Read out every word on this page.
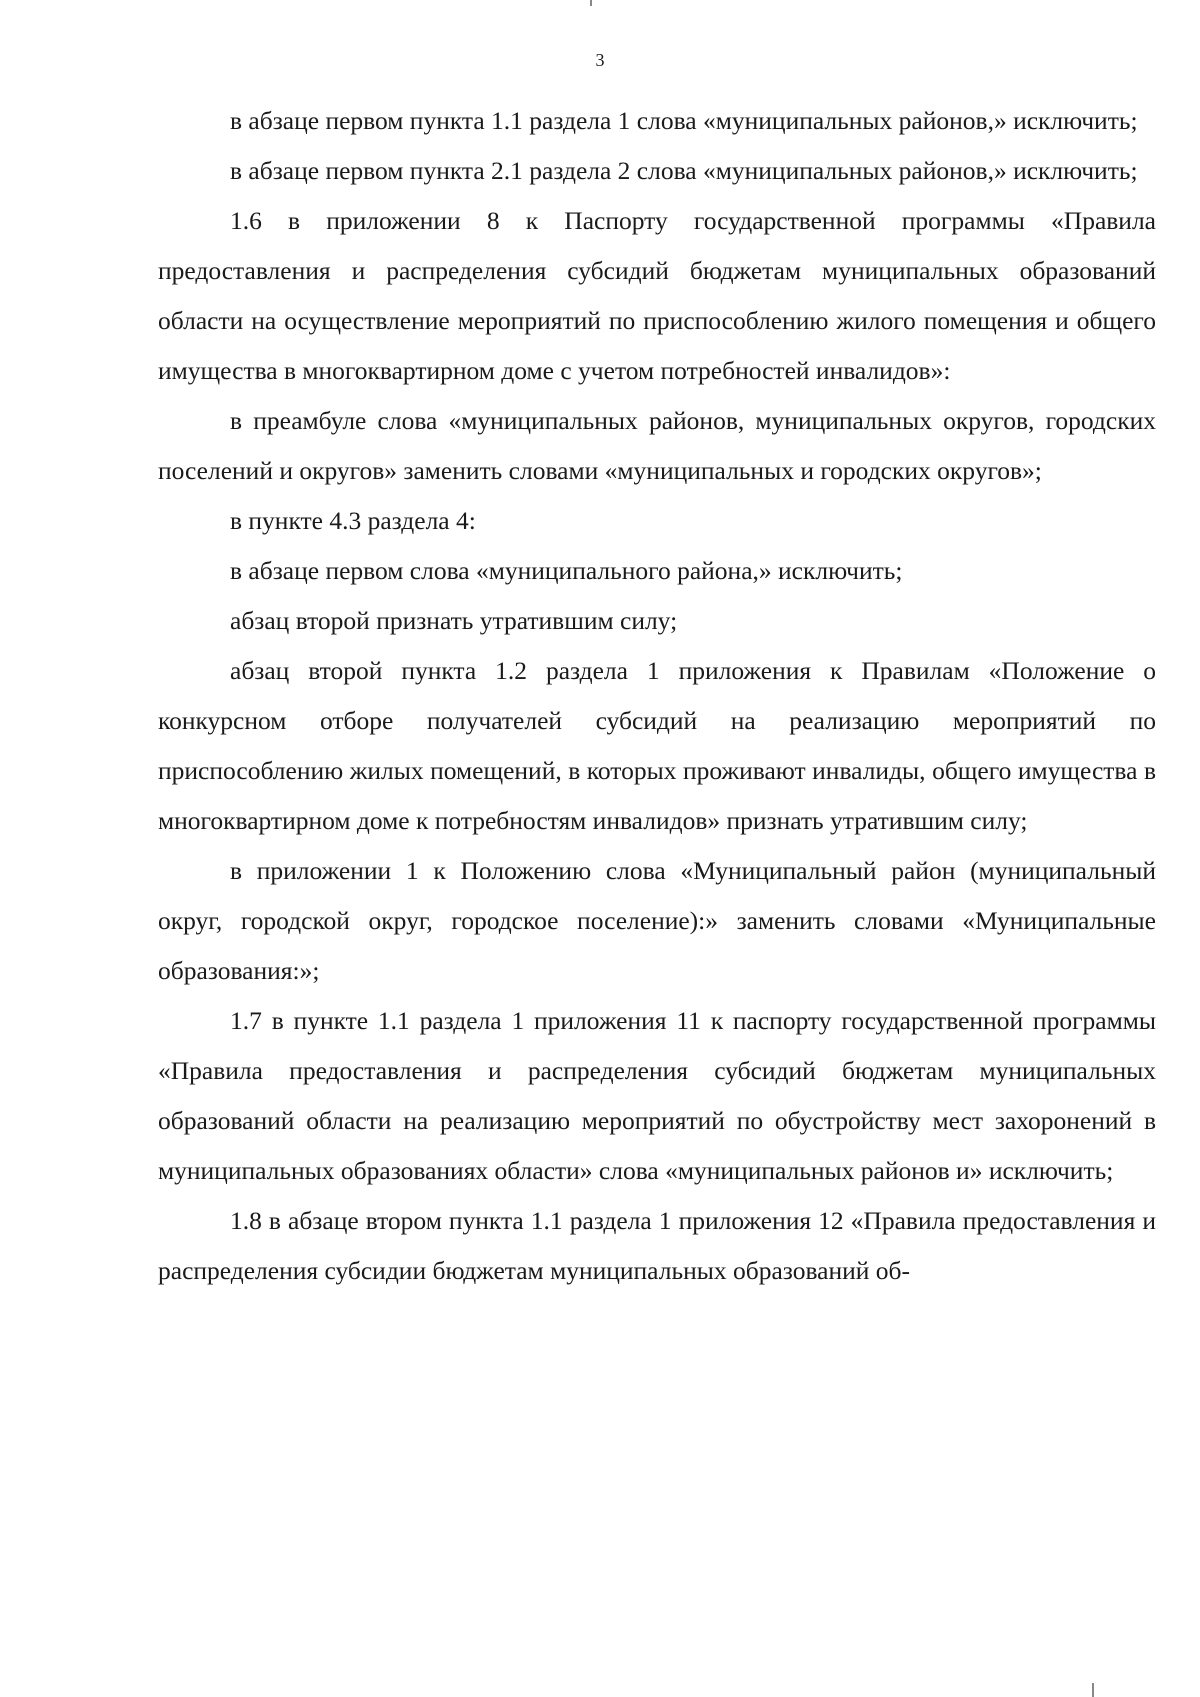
3

в абзаце первом пункта 1.1 раздела 1 слова «муниципальных районов,» исключить;

в абзаце первом пункта 2.1 раздела 2 слова «муниципальных районов,» исключить;

1.6 в приложении 8 к Паспорту государственной программы «Правила предоставления и распределения субсидий бюджетам муниципальных образований области на осуществление мероприятий по приспособлению жилого помещения и общего имущества в многоквартирном доме с учетом потребностей инвалидов»:

в преамбуле слова «муниципальных районов, муниципальных округов, городских поселений и округов» заменить словами «муниципальных и городских округов»;

в пункте 4.3 раздела 4:

в абзаце первом слова «муниципального района,» исключить;

абзац второй признать утратившим силу;

абзац второй пункта 1.2 раздела 1 приложения к Правилам «Положение о конкурсном отборе получателей субсидий на реализацию мероприятий по приспособлению жилых помещений, в которых проживают инвалиды, общего имущества в многоквартирном доме к потребностям инвалидов» признать утратившим силу;

в приложении 1 к Положению слова «Муниципальный район (муниципальный округ, городской округ, городское поселение):» заменить словами «Муниципальные образования:»;

1.7 в пункте 1.1 раздела 1 приложения 11 к паспорту государственной программы «Правила предоставления и распределения субсидий бюджетам муниципальных образований области на реализацию мероприятий по обустройству мест захоронений в муниципальных образованиях области» слова «муниципальных районов и» исключить;

1.8 в абзаце втором пункта 1.1 раздела 1 приложения 12 «Правила предоставления и распределения субсидии бюджетам муниципальных образований об-
